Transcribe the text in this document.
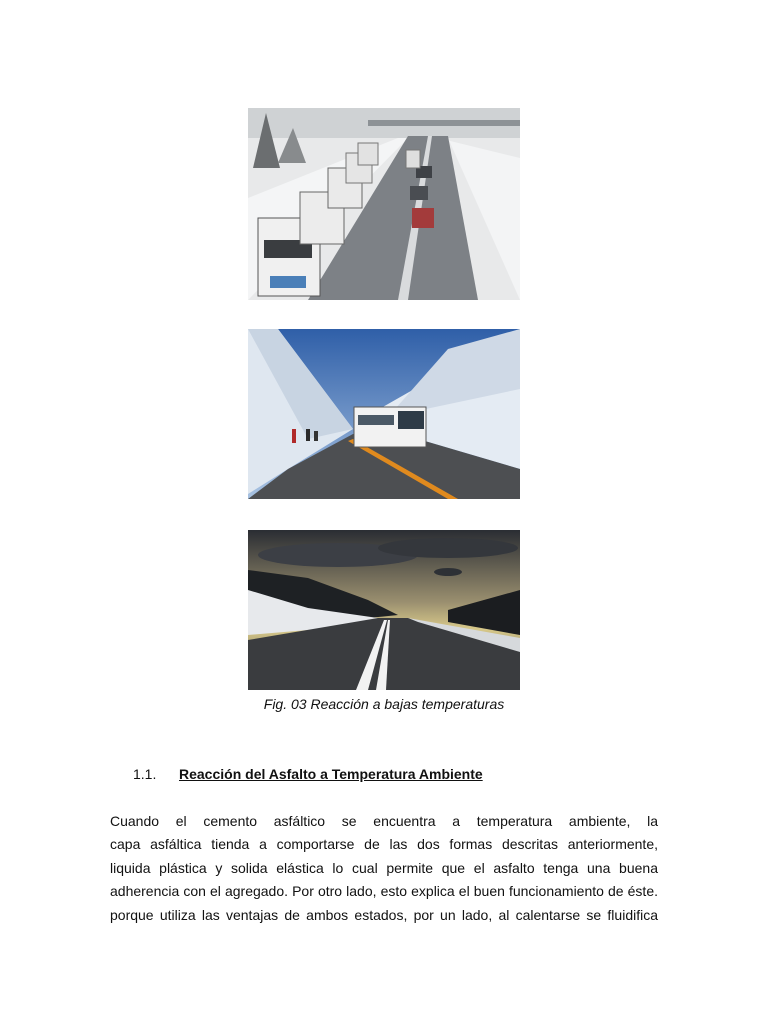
Fig. 03 Reacción a bajas temperaturas
1.1. Reacción del Asfalto a Temperatura Ambiente
Cuando el cemento asfáltico se encuentra a temperatura ambiente, la
capa asfáltica tienda a comportarse de las dos formas descritas anteriormente,
liquida plástica y solida elástica lo cual permite que el asfalto tenga una buena
adherencia con el agregado. Por otro lado, esto explica el buen funcionamiento de éste.
porque utiliza las ventajas de ambos estados, por un lado, al calentarse se fluidifica
